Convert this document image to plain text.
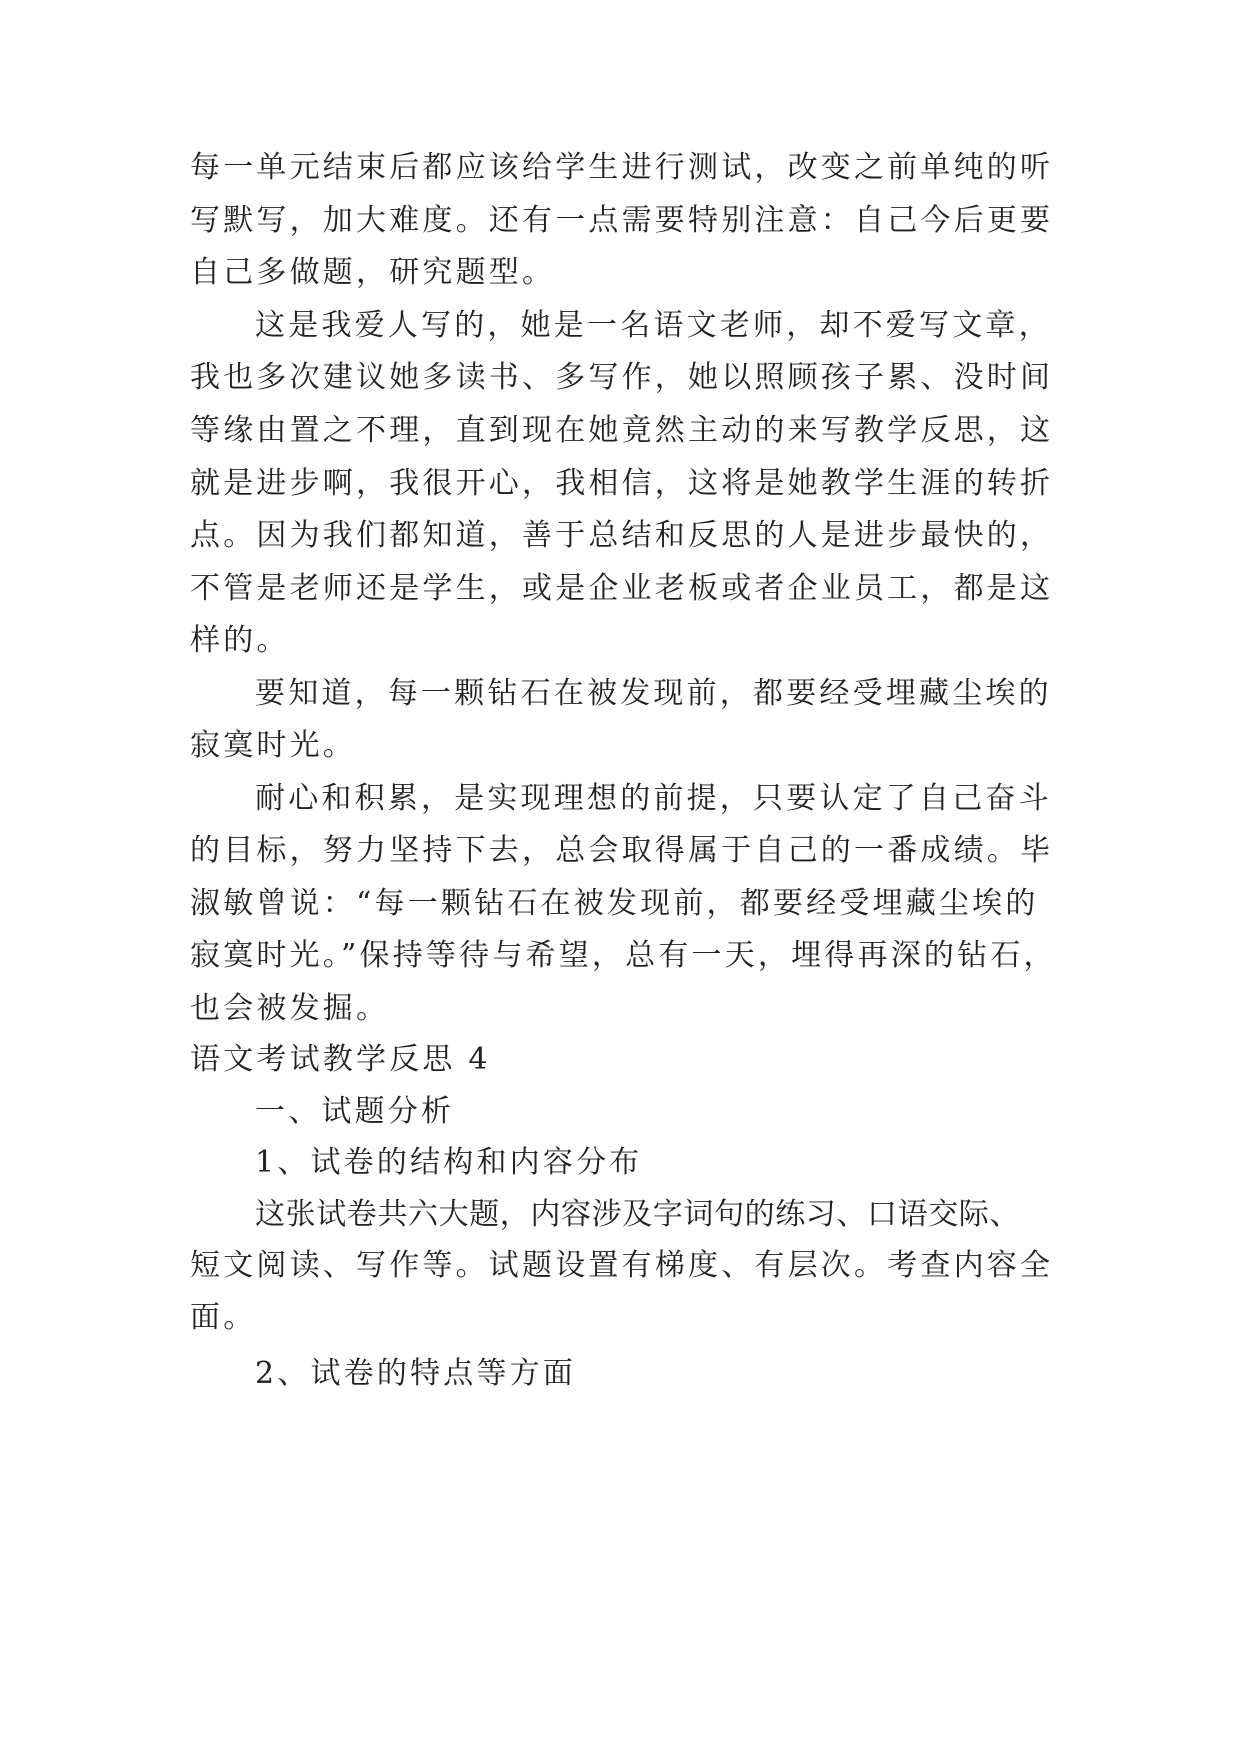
每一单元结束后都应该给学生进行测试，改变之前单纯的听
写默写，加大难度。还有一点需要特别注意：自己今后更要
自己多做题，研究题型。
这是我爱人写的，她是一名语文老师，却不爱写文章，
我也多次建议她多读书、多写作，她以照顾孩子累、没时间
等缘由置之不理，直到现在她竟然主动的来写教学反思，这
就是进步啊，我很开心，我相信，这将是她教学生涯的转折
点。因为我们都知道，善于总结和反思的人是进步最快的，
不管是老师还是学生，或是企业老板或者企业员工，都是这
样的。
要知道，每一颗钻石在被发现前，都要经受埋藏尘埃的
寂寞时光。
耐心和积累，是实现理想的前提，只要认定了自己奋斗
的目标，努力坚持下去，总会取得属于自己的一番成绩。毕
淑敏曾说：“每一颗钻石在被发现前，都要经受埋藏尘埃的
寂寞时光。”保持等待与希望，总有一天，埋得再深的钻石，
也会被发掘。
语文考试教学反思 4
一、试题分析
1、试卷的结构和内容分布
这张试卷共六大题，内容涉及字词句的练习、口语交际、
短文阅读、写作等。试题设置有梯度、有层次。考查内容全
面。
2、试卷的特点等方面
